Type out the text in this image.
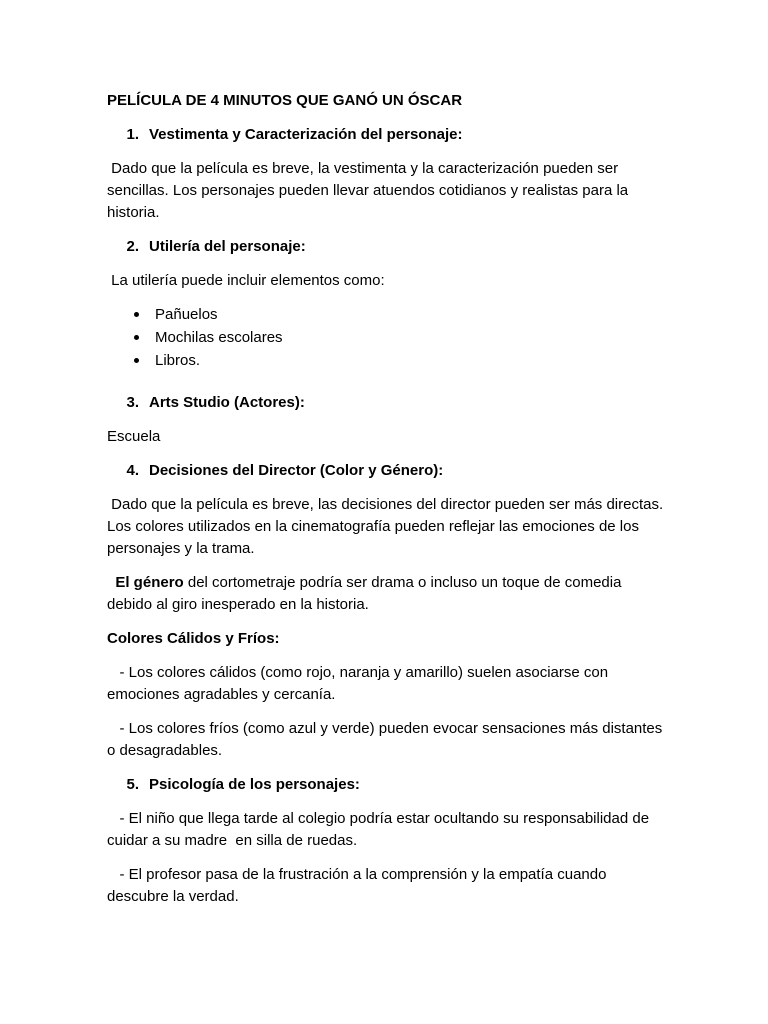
PELÍCULA DE 4 MINUTOS QUE GANÓ UN ÓSCAR
1. Vestimenta y Caracterización del personaje:

Dado que la película es breve, la vestimenta y la caracterización pueden ser sencillas. Los personajes pueden llevar atuendos cotidianos y realistas para la historia.

2. Utilería del personaje:

La utilería puede incluir elementos como:

Pañuelos
Mochilas escolares
Libros.
3. Arts Studio (Actores):

Escuela

4. Decisiones del Director (Color y Género):

Dado que la película es breve, las decisiones del director pueden ser más directas. Los colores utilizados en la cinematografía pueden reflejar las emociones de los personajes y la trama.

El género del cortometraje podría ser drama o incluso un toque de comedia debido al giro inesperado en la historia.

Colores Cálidos y Fríos:

- Los colores cálidos (como rojo, naranja y amarillo) suelen asociarse con emociones agradables y cercanía.

- Los colores fríos (como azul y verde) pueden evocar sensaciones más distantes o desagradables.

5. Psicología de los personajes:

- El niño que llega tarde al colegio podría estar ocultando su responsabilidad de cuidar a su madre  en silla de ruedas.

- El profesor pasa de la frustración a la comprensión y la empatía cuando descubre la verdad.
